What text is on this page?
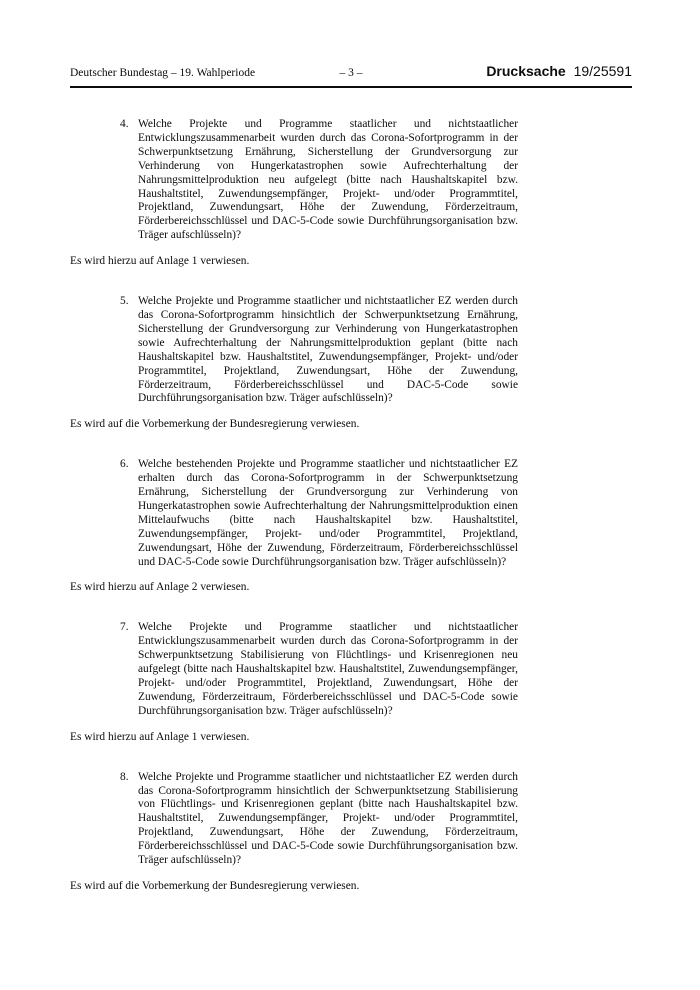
Deutscher Bundestag – 19. Wahlperiode	– 3 –	Drucksache 19/25591
4. Welche Projekte und Programme staatlicher und nichtstaatlicher Entwicklungszusammenarbeit wurden durch das Corona-Sofortprogramm in der Schwerpunktsetzung Ernährung, Sicherstellung der Grundversorgung zur Verhinderung von Hungerkatastrophen sowie Aufrechterhaltung der Nahrungsmittelproduktion neu aufgelegt (bitte nach Haushaltskapitel bzw. Haushaltstitel, Zuwendungsempfänger, Projekt- und/oder Programmtitel, Projektland, Zuwendungsart, Höhe der Zuwendung, Förderzeitraum, Förderbereichsschlüssel und DAC-5-Code sowie Durchführungsorganisation bzw. Träger aufschlüsseln)?

Es wird hierzu auf Anlage 1 verwiesen.

5. Welche Projekte und Programme staatlicher und nichtstaatlicher EZ werden durch das Corona-Sofortprogramm hinsichtlich der Schwerpunktsetzung Ernährung, Sicherstellung der Grundversorgung zur Verhinderung von Hungerkatastrophen sowie Aufrechterhaltung der Nahrungsmittelproduktion geplant (bitte nach Haushaltskapitel bzw. Haushaltstitel, Zuwendungsempfänger, Projekt- und/oder Programmtitel, Projektland, Zuwendungsart, Höhe der Zuwendung, Förderzeitraum, Förderbereichsschlüssel und DAC-5-Code sowie Durchführungsorganisation bzw. Träger aufschlüsseln)?

Es wird auf die Vorbemerkung der Bundesregierung verwiesen.

6. Welche bestehenden Projekte und Programme staatlicher und nichtstaatlicher EZ erhalten durch das Corona-Sofortprogramm in der Schwerpunktsetzung Ernährung, Sicherstellung der Grundversorgung zur Verhinderung von Hungerkatastrophen sowie Aufrechterhaltung der Nahrungsmittelproduktion einen Mittelaufwuchs (bitte nach Haushaltskapitel bzw. Haushaltstitel, Zuwendungsempfänger, Projekt- und/oder Programmtitel, Projektland, Zuwendungsart, Höhe der Zuwendung, Förderzeitraum, Förderbereichsschlüssel und DAC-5-Code sowie Durchführungsorganisation bzw. Träger aufschlüsseln)?

Es wird hierzu auf Anlage 2 verwiesen.

7. Welche Projekte und Programme staatlicher und nichtstaatlicher Entwicklungszusammenarbeit wurden durch das Corona-Sofortprogramm in der Schwerpunktsetzung Stabilisierung von Flüchtlings- und Krisenregionen neu aufgelegt (bitte nach Haushaltskapitel bzw. Haushaltstitel, Zuwendungsempfänger, Projekt- und/oder Programmtitel, Projektland, Zuwendungsart, Höhe der Zuwendung, Förderzeitraum, Förderbereichsschlüssel und DAC-5-Code sowie Durchführungsorganisation bzw. Träger aufschlüsseln)?

Es wird hierzu auf Anlage 1 verwiesen.

8. Welche Projekte und Programme staatlicher und nichtstaatlicher EZ werden durch das Corona-Sofortprogramm hinsichtlich der Schwerpunktsetzung Stabilisierung von Flüchtlings- und Krisenregionen geplant (bitte nach Haushaltskapitel bzw. Haushaltstitel, Zuwendungsempfänger, Projekt- und/oder Programmtitel, Projektland, Zuwendungsart, Höhe der Zuwendung, Förderzeitraum, Förderbereichsschlüssel und DAC-5-Code sowie Durchführungsorganisation bzw. Träger aufschlüsseln)?

Es wird auf die Vorbemerkung der Bundesregierung verwiesen.
